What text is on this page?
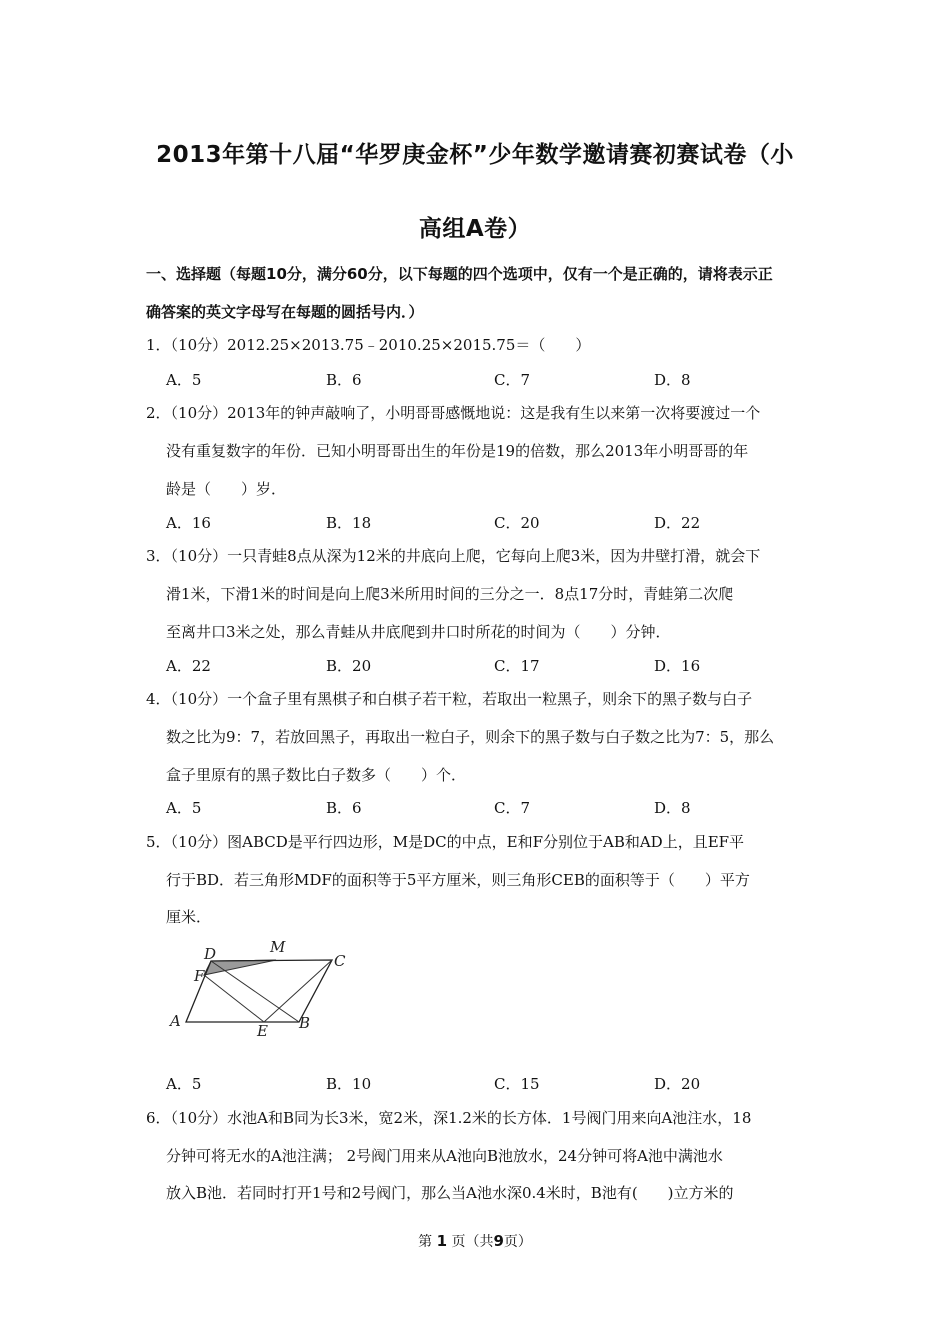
2013年第十八届“华罗庚金杯”少年数学邀请赛初赛试卷（小
高组A卷）
一、选择题（每题10分，满分60分，以下每题的四个选项中，仅有一个是正确的，请将表示正
确答案的英文字母写在每题的圆括号内．）
1．（10分）2012.25×2013.75﹣2010.25×2015.75＝（　　）
A．5	B．6	C．7	D．8
2．（10分）2013年的钟声敲响了，小明哥哥感慨地说：这是我有生以来第一次将要渡过一个
没有重复数字的年份．已知小明哥哥出生的年份是19的倍数，那么2013年小明哥哥的年
龄是（　　）岁．
A．16	B．18	C．20	D．22
3．（10分）一只青蛙8点从深为12米的井底向上爬，它每向上爬3米，因为井壁打滑，就会下
滑1米，下滑1米的时间是向上爬3米所用时间的三分之一．8点17分时，青蛙第二次爬
至离井口3米之处，那么青蛙从井底爬到井口时所花的时间为（　　）分钟．
A．22	B．20	C．17	D．16
4．（10分）一个盒子里有黑棋子和白棋子若干粒，若取出一粒黑子，则余下的黑子数与白子
数之比为9：7，若放回黑子，再取出一粒白子，则余下的黑子数与白子数之比为7：5，那么
盒子里原有的黑子数比白子数多（　　）个．
A．5	B．6	C．7	D．8
5．（10分）图ABCD是平行四边形，M是DC的中点，E和F分别位于AB和AD上，且EF平
行于BD．若三角形MDF的面积等于5平方厘米，则三角形CEB的面积等于（　　）平方
厘米．
D	M
C
F
A
E B
A．5	B．10	C．15	D．20
6．（10分）水池A和B同为长3米，宽2米，深1.2米的长方体．1号阀门用来向A池注水，18
分钟可将无水的A池注满； 2号阀门用来从A池向B池放水，24分钟可将A池中满池水
放入B池．若同时打开1号和2号阀门，那么当A池水深0.4米时，B池有(　　)立方米的
第 1 页（共9页）
